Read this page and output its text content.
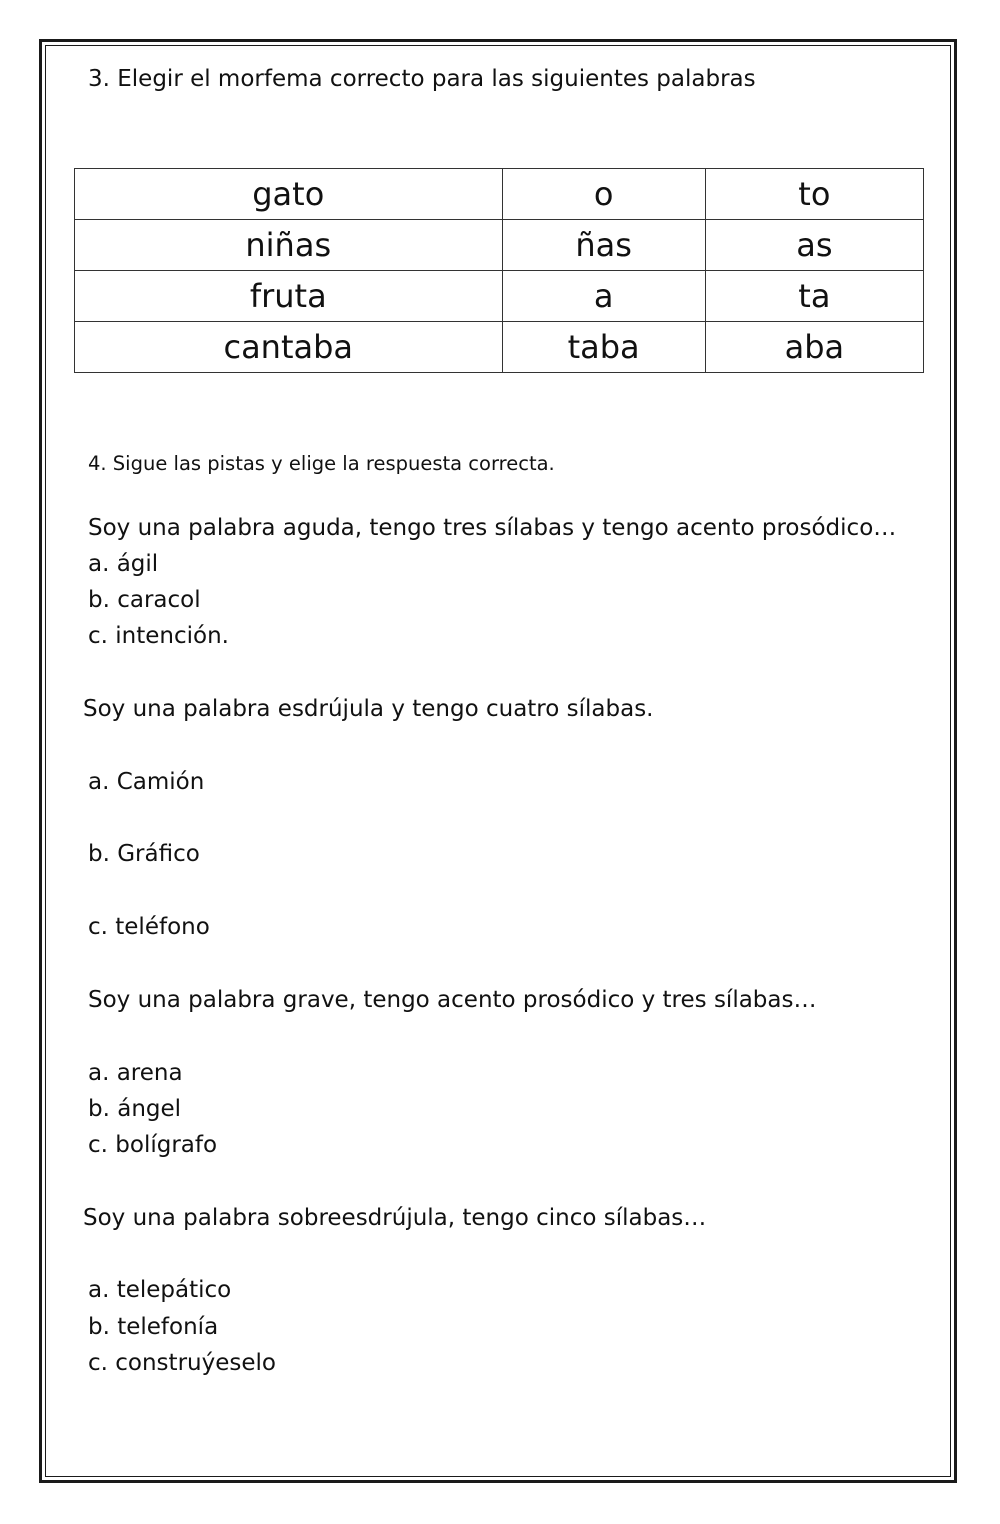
3. Elegir el morfema correcto para las siguientes palabras

gato	o	to
niñas	ñas	as
fruta	a	ta
cantaba	taba	aba

4. Sigue las pistas y elige la respuesta correcta.

Soy una palabra aguda, tengo tres sílabas y tengo acento prosódico…

a. ágil

b. caracol

c. intención.

Soy una palabra esdrújula y tengo cuatro sílabas.

a. Camión

b. Gráfico

c. teléfono

Soy una palabra grave, tengo acento prosódico y tres sílabas…

a. arena

b. ángel

c. bolígrafo

Soy una palabra sobreesdrújula, tengo cinco sílabas…

a. telepático

b. telefonía

c. construýeselo
